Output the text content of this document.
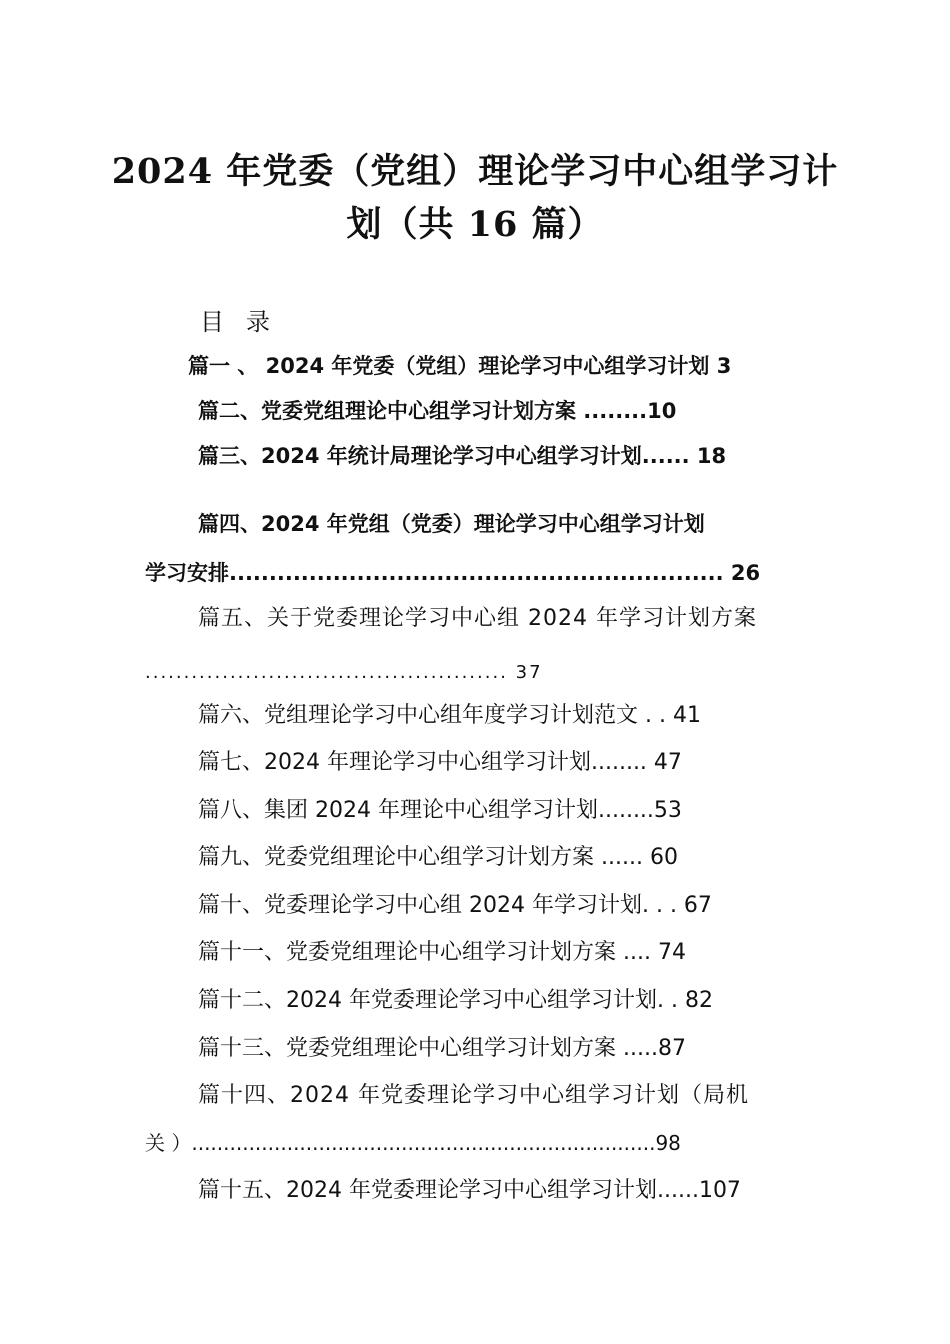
2024 年党委（党组）理论学习中心组学习计
划（共 16 篇）
目录

篇一 、 2024 年党委（党组）理论学习中心组学习计划 3

篇二、党委党组理论中心组学习计划方案 ........10

篇三、2024 年统计局理论学习中心组学习计划...... 18

篇四、2024 年党组（党委）理论学习中心组学习计划

学习安排.............................................................. 26

篇五、关于党委理论学习中心组 2024 年学习计划方案

............................................... 37

篇六、党组理论学习中心组年度学习计划范文 . . 41

篇七、2024 年理论学习中心组学习计划........ 47

篇八、集团 2024 年理论中心组学习计划........53

篇九、党委党组理论中心组学习计划方案 ...... 60

篇十、党委理论学习中心组 2024 年学习计划. . . 67

篇十一、党委党组理论中心组学习计划方案 .... 74

篇十二、2024 年党委理论学习中心组学习计划. . 82

篇十三、党委党组理论中心组学习计划方案 .....87

篇十四、2024 年党委理论学习中心组学习计划（局机

关 ）.........................................................................98

篇十五、2024 年党委理论学习中心组学习计划......107
